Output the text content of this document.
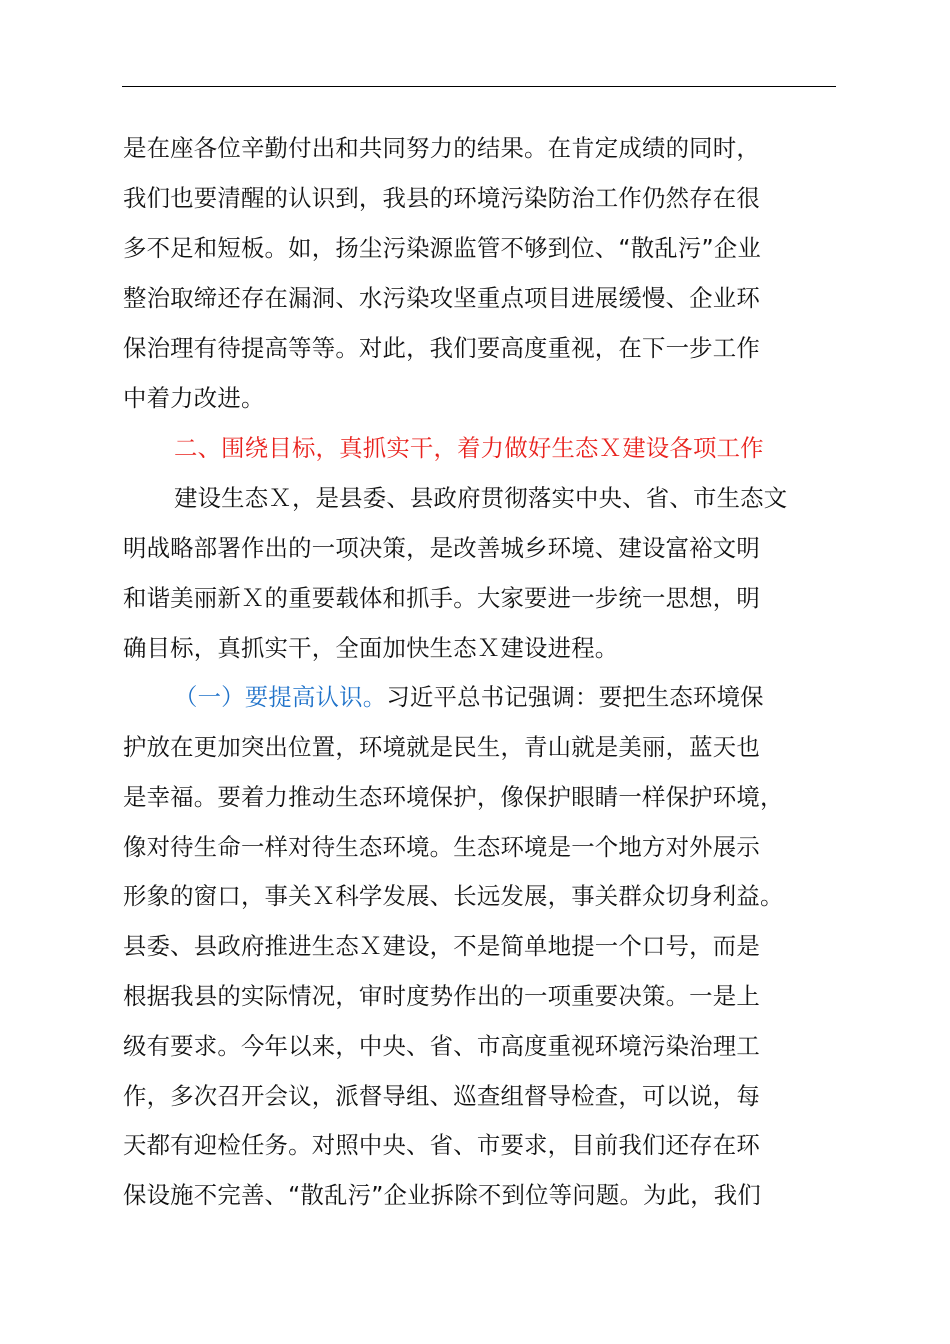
是在座各位辛勤付出和共同努力的结果。在肯定成绩的同时，
我们也要清醒的认识到，我县的环境污染防治工作仍然存在很
多不足和短板。如，扬尘污染源监管不够到位、“散乱污”企业
整治取缔还存在漏洞、水污染攻坚重点项目进展缓慢、企业环
保治理有待提高等等。对此，我们要高度重视，在下一步工作
中着力改进。
二、围绕目标，真抓实干，着力做好生态Ｘ建设各项工作
建设生态Ｘ，是县委、县政府贯彻落实中央、省、市生态文
明战略部署作出的一项决策，是改善城乡环境、建设富裕文明
和谐美丽新Ｘ的重要载体和抓手。大家要进一步统一思想，明
确目标，真抓实干，全面加快生态Ｘ建设进程。
（一）要提高认识。习近平总书记强调：要把生态环境保
护放在更加突出位置，环境就是民生，青山就是美丽，蓝天也
是幸福。要着力推动生态环境保护，像保护眼睛一样保护环境，
像对待生命一样对待生态环境。生态环境是一个地方对外展示
形象的窗口，事关Ｘ科学发展、长远发展，事关群众切身利益。
县委、县政府推进生态Ｘ建设，不是简单地提一个口号，而是
根据我县的实际情况，审时度势作出的一项重要决策。一是上
级有要求。今年以来，中央、省、市高度重视环境污染治理工
作，多次召开会议，派督导组、巡查组督导检查，可以说，每
天都有迎检任务。对照中央、省、市要求，目前我们还存在环
保设施不完善、“散乱污”企业拆除不到位等问题。为此，我们
